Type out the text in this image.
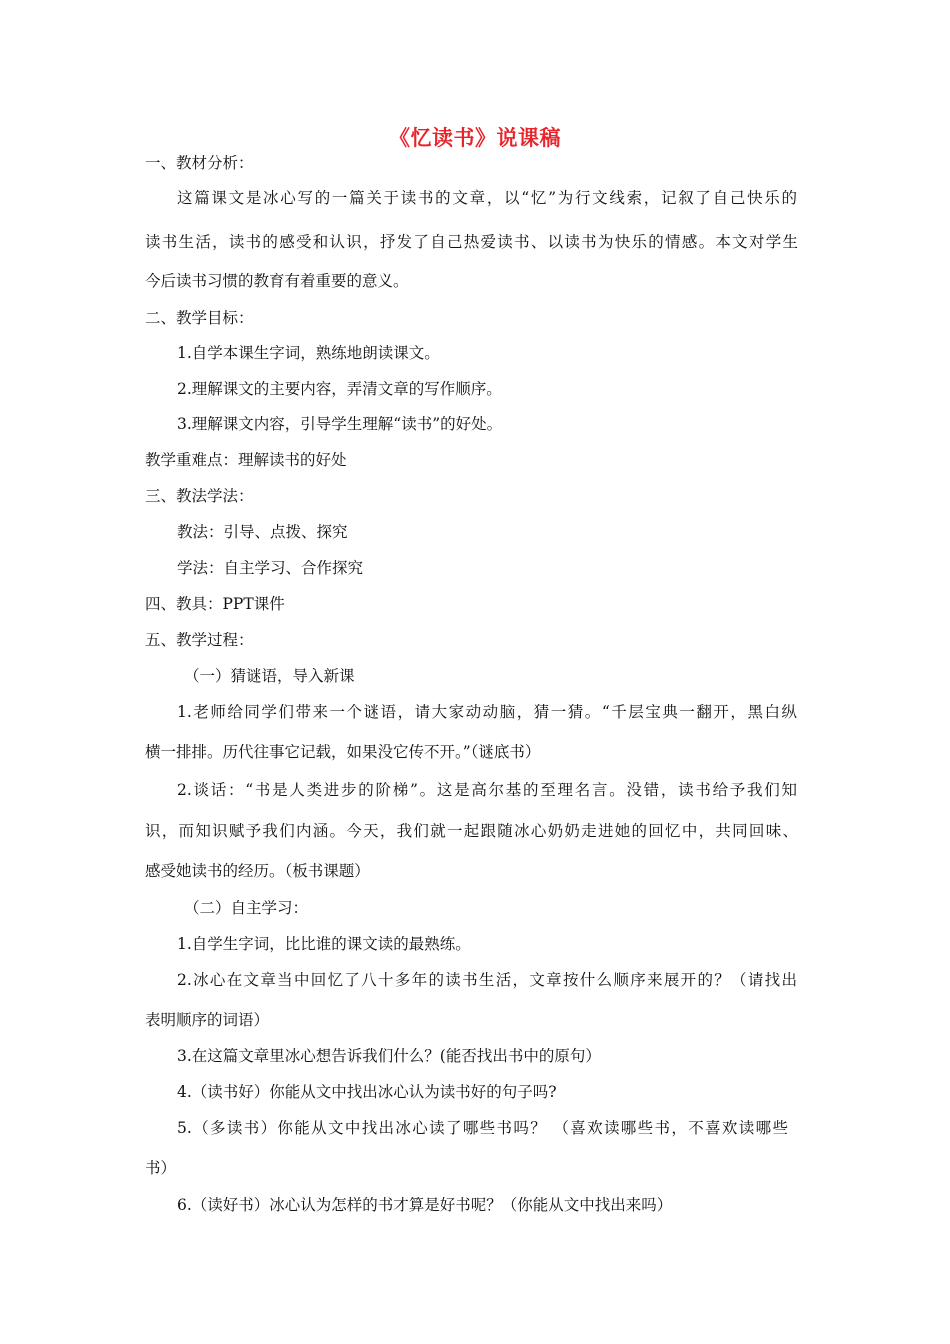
《忆读书》说课稿
一、教材分析：
这篇课文是冰心写的一篇关于读书的文章，以“忆”为行文线索，记叙了自己快乐的
读书生活，读书的感受和认识，抒发了自己热爱读书、以读书为快乐的情感。本文对学生
今后读书习惯的教育有着重要的意义。
二、教学目标：
1.自学本课生字词，熟练地朗读课文。
2.理解课文的主要内容，弄清文章的写作顺序。
3.理解课文内容，引导学生理解“读书”的好处。
教学重难点：理解读书的好处
三、教法学法：
教法：引导、点拨、探究
学法：自主学习、合作探究
四、教具：PPT课件
五、教学过程：
（一）猜谜语，导入新课
1.老师给同学们带来一个谜语，请大家动动脑，猜一猜。“千层宝典一翻开，黑白纵
横一排排。历代往事它记载，如果没它传不开。”（谜底书）
2.谈话：“书是人类进步的阶梯”。这是高尔基的至理名言。没错，读书给予我们知
识，而知识赋予我们内涵。今天，我们就一起跟随冰心奶奶走进她的回忆中，共同回味、
感受她读书的经历。（板书课题）
（二）自主学习：
1.自学生字词，比比谁的课文读的最熟练。
2.冰心在文章当中回忆了八十多年的读书生活，文章按什么顺序来展开的？（请找出
表明顺序的词语）
3.在这篇文章里冰心想告诉我们什么？(能否找出书中的原句）
4.（读书好）你能从文中找出冰心认为读书好的句子吗?
5.（多读书）你能从文中找出冰心读了哪些书吗？ （喜欢读哪些书，不喜欢读哪些
书）
6.（读好书）冰心认为怎样的书才算是好书呢？（你能从文中找出来吗）
